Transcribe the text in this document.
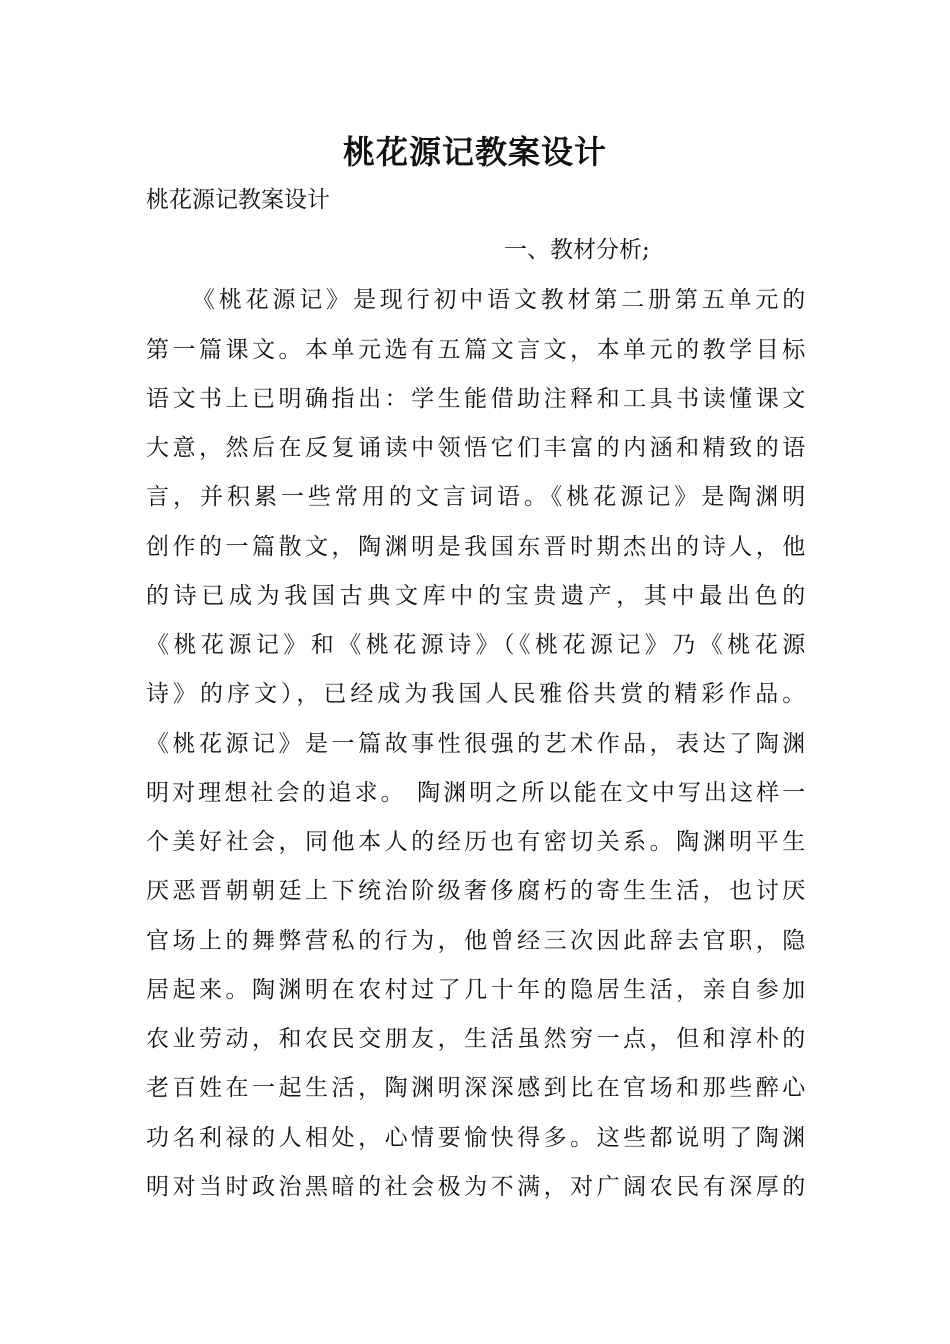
桃花源记教案设计
桃花源记教案设计
一、教材分析;
《桃花源记》是现行初中语文教材第二册第五单元的
第一篇课文。本单元选有五篇文言文，本单元的教学目标
语文书上已明确指出：学生能借助注释和工具书读懂课文
大意，然后在反复诵读中领悟它们丰富的内涵和精致的语
言，并积累一些常用的文言词语。《桃花源记》是陶渊明
创作的一篇散文，陶渊明是我国东晋时期杰出的诗人，他
的诗已成为我国古典文库中的宝贵遗产，其中最出色的
《桃花源记》和《桃花源诗》（《桃花源记》乃《桃花源
诗》的序文），已经成为我国人民雅俗共赏的精彩作品。
《桃花源记》是一篇故事性很强的艺术作品，表达了陶渊
明对理想社会的追求。 陶渊明之所以能在文中写出这样一
个美好社会，同他本人的经历也有密切关系。陶渊明平生
厌恶晋朝朝廷上下统治阶级奢侈腐朽的寄生生活，也讨厌
官场上的舞弊营私的行为，他曾经三次因此辞去官职，隐
居起来。陶渊明在农村过了几十年的隐居生活，亲自参加
农业劳动，和农民交朋友，生活虽然穷一点，但和淳朴的
老百姓在一起生活，陶渊明深深感到比在官场和那些醉心
功名利禄的人相处，心情要愉快得多。这些都说明了陶渊
明对当时政治黑暗的社会极为不满，对广阔农民有深厚的
